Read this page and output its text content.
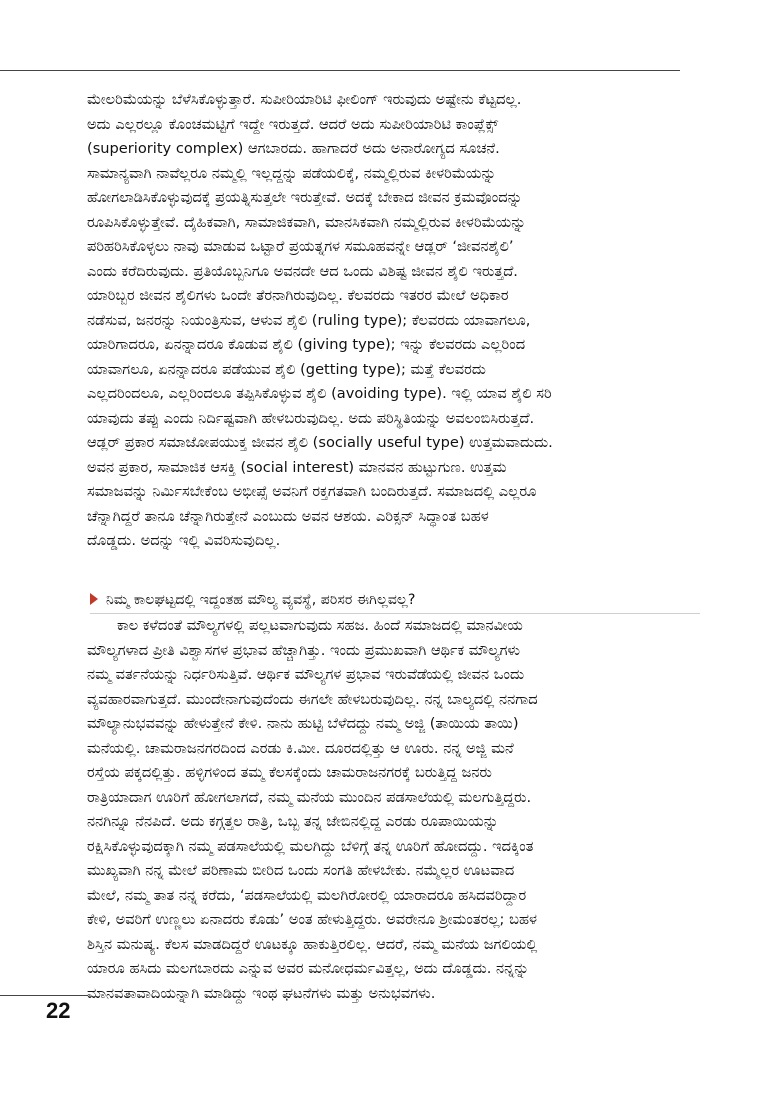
ಮೇಲರಿಮೆಯನ್ನು ಬೆಳೆಸಿಕೊಳ್ಳುತ್ತಾರೆ. ಸುಪೀರಿಯಾರಿಟಿ ಫೀಲಿಂಗ್ ಇರುವುದು ಅಷ್ಟೇನು ಕೆಟ್ಟದಲ್ಲ.
ಅದು ಎಲ್ಲರಲ್ಲೂ ಕೊಂಚಮಟ್ಟಿಗೆ ಇದ್ದೇ ಇರುತ್ತದೆ. ಆದರೆ ಅದು ಸುಪೀರಿಯಾರಿಟಿ ಕಾಂಪ್ಲೆಕ್ಸ್
(superiority complex) ಆಗಬಾರದು. ಹಾಗಾದರೆ ಅದು ಅನಾರೋಗ್ಯದ ಸೂಚನೆ.
ಸಾಮಾನ್ಯವಾಗಿ ನಾವೆಲ್ಲರೂ ನಮ್ಮಲ್ಲಿ ಇಲ್ಲದ್ದನ್ನು ಪಡೆಯಲಿಕ್ಕೆ, ನಮ್ಮಲ್ಲಿರುವ ಕೀಳರಿಮೆಯನ್ನು
ಹೋಗಲಾಡಿಸಿಕೊಳ್ಳುವುದಕ್ಕೆ ಪ್ರಯತ್ನಿಸುತ್ತಲೇ ಇರುತ್ತೇವೆ. ಅದಕ್ಕೆ ಬೇಕಾದ ಜೀವನ ಕ್ರಮವೊಂದನ್ನು
ರೂಪಿಸಿಕೊಳ್ಳುತ್ತೇವೆ. ದೈಹಿಕವಾಗಿ, ಸಾಮಾಜಿಕವಾಗಿ, ಮಾನಸಿಕವಾಗಿ ನಮ್ಮಲ್ಲಿರುವ ಕೀಳರಿಮೆಯನ್ನು
ಪರಿಹರಿಸಿಕೊಳ್ಳಲು ನಾವು ಮಾಡುವ ಒಟ್ಟಾರೆ ಪ್ರಯತ್ನಗಳ ಸಮೂಹವನ್ನೇ ಆಡ್ಲರ್ ‘ಜೀವನಶೈಲಿ’
ಎಂದು ಕರೆದಿರುವುದು. ಪ್ರತಿಯೊಬ್ಬನಿಗೂ ಅವನದೇ ಆದ ಒಂದು ವಿಶಿಷ್ಟ ಜೀವನ ಶೈಲಿ ಇರುತ್ತದೆ.
ಯಾರಿಬ್ಬರ ಜೀವನ ಶೈಲಿಗಳು ಒಂದೇ ತೆರನಾಗಿರುವುದಿಲ್ಲ. ಕೆಲವರದು ಇತರರ ಮೇಲೆ ಅಧಿಕಾರ
ನಡೆಸುವ, ಜನರನ್ನು ನಿಯಂತ್ರಿಸುವ, ಆಳುವ ಶೈಲಿ (ruling type); ಕೆಲವರದು ಯಾವಾಗಲೂ,
ಯಾರಿಗಾದರೂ, ಏನನ್ನಾದರೂ ಕೊಡುವ ಶೈಲಿ (giving type); ಇನ್ನು ಕೆಲವರದು ಎಲ್ಲರಿಂದ
ಯಾವಾಗಲೂ, ಏನನ್ನಾದರೂ ಪಡೆಯುವ ಶೈಲಿ (getting type); ಮತ್ತೆ ಕೆಲವರದು
ಎಲ್ಲದರಿಂದಲೂ, ಎಲ್ಲರಿಂದಲೂ ತಪ್ಪಿಸಿಕೊಳ್ಳುವ ಶೈಲಿ (avoiding type). ಇಲ್ಲಿ ಯಾವ ಶೈಲಿ ಸರಿ
ಯಾವುದು ತಪ್ಪು ಎಂದು ನಿರ್ದಿಷ್ಟವಾಗಿ ಹೇಳಬರುವುದಿಲ್ಲ. ಅದು ಪರಿಸ್ಥಿತಿಯನ್ನು ಅವಲಂಬಿಸಿರುತ್ತದೆ.
ಆಡ್ಲರ್ ಪ್ರಕಾರ ಸಮಾಜೋಪಯುಕ್ತ ಜೀವನ ಶೈಲಿ (socially useful type) ಉತ್ತಮವಾದುದು.
ಅವನ ಪ್ರಕಾರ, ಸಾಮಾಜಿಕ ಆಸಕ್ತಿ (social interest) ಮಾನವನ ಹುಟ್ಟುಗುಣ. ಉತ್ತಮ
ಸಮಾಜವನ್ನು ನಿರ್ಮಿಸಬೇಕೆಂಬ ಅಭೀಪ್ಸೆ ಅವನಿಗೆ ರಕ್ತಗತವಾಗಿ ಬಂದಿರುತ್ತದೆ. ಸಮಾಜದಲ್ಲಿ ಎಲ್ಲರೂ
ಚೆನ್ನಾಗಿದ್ದರೆ ತಾನೂ ಚೆನ್ನಾಗಿರುತ್ತೇನೆ ಎಂಬುದು ಅವನ ಆಶಯ. ಎರಿಕ್ಸನ್ ಸಿದ್ಧಾಂತ ಬಹಳ
ದೊಡ್ಡದು. ಅದನ್ನು ಇಲ್ಲಿ ವಿವರಿಸುವುದಿಲ್ಲ.
ನಿಮ್ಮ ಕಾಲಘಟ್ಟದಲ್ಲಿ ಇದ್ದಂತಹ ಮೌಲ್ಯ ವ್ಯವಸ್ಥೆ, ಪರಿಸರ ಈಗಿಲ್ಲವಲ್ಲ?
ಕಾಲ ಕಳೆದಂತೆ ಮೌಲ್ಯಗಳಲ್ಲಿ ಪಲ್ಲಟವಾಗುವುದು ಸಹಜ. ಹಿಂದೆ ಸಮಾಜದಲ್ಲಿ ಮಾನವೀಯ
ಮೌಲ್ಯಗಳಾದ ಪ್ರೀತಿ ವಿಶ್ವಾಸಗಳ ಪ್ರಭಾವ ಹೆಚ್ಚಾಗಿತ್ತು. ಇಂದು ಪ್ರಮುಖವಾಗಿ ಆರ್ಥಿಕ ಮೌಲ್ಯಗಳು
ನಮ್ಮ ವರ್ತನೆಯನ್ನು ನಿರ್ಧರಿಸುತ್ತಿವೆ. ಆರ್ಥಿಕ ಮೌಲ್ಯಗಳ ಪ್ರಭಾವ ಇರುವೆಡೆಯಲ್ಲಿ ಜೀವನ ಒಂದು
ವ್ಯವಹಾರವಾಗುತ್ತದೆ. ಮುಂದೇನಾಗುವುದೆಂದು ಈಗಲೇ ಹೇಳಬರುವುದಿಲ್ಲ. ನನ್ನ ಬಾಲ್ಯದಲ್ಲಿ ನನಗಾದ
ಮೌಲ್ಯಾನುಭವವನ್ನು ಹೇಳುತ್ತೇನೆ ಕೇಳಿ. ನಾನು ಹುಟ್ಟಿ ಬೆಳೆದದ್ದು ನಮ್ಮ ಅಜ್ಜಿ (ತಾಯಿಯ ತಾಯಿ)
ಮನೆಯಲ್ಲಿ. ಚಾಮರಾಜನಗರದಿಂದ ಎರಡು ಕಿ.ಮೀ. ದೂರದಲ್ಲಿತ್ತು ಆ ಊರು. ನನ್ನ ಅಜ್ಜಿ ಮನೆ
ರಸ್ತೆಯ ಪಕ್ಕದಲ್ಲಿತ್ತು. ಹಳ್ಳಿಗಳಿಂದ ತಮ್ಮ ಕೆಲಸಕ್ಕೆಂದು ಚಾಮರಾಜನಗರಕ್ಕೆ ಬರುತ್ತಿದ್ದ ಜನರು
ರಾತ್ರಿಯಾದಾಗ ಊರಿಗೆ ಹೋಗಲಾಗದೆ, ನಮ್ಮ ಮನೆಯ ಮುಂದಿನ ಪಡಸಾಲೆಯಲ್ಲಿ ಮಲಗುತ್ತಿದ್ದರು.
ನನಗಿನ್ನೂ ನೆನಪಿದೆ. ಅದು ಕಗ್ಗತ್ತಲ ರಾತ್ರಿ, ಒಬ್ಬ ತನ್ನ ಜೇಬಿನಲ್ಲಿದ್ದ ಎರಡು ರೂಪಾಯಿಯನ್ನು
ರಕ್ಷಿಸಿಕೊಳ್ಳುವುದಕ್ಕಾಗಿ ನಮ್ಮ ಪಡಸಾಲೆಯಲ್ಲಿ ಮಲಗಿದ್ದು ಬೆಳಿಗ್ಗೆ ತನ್ನ ಊರಿಗೆ ಹೋದದ್ದು. ಇದಕ್ಕಿಂತ
ಮುಖ್ಯವಾಗಿ ನನ್ನ ಮೇಲೆ ಪರಿಣಾಮ ಬೀರಿದ ಒಂದು ಸಂಗತಿ ಹೇಳಬೇಕು. ನಮ್ಮೆಲ್ಲರ ಊಟವಾದ
ಮೇಲೆ, ನಮ್ಮ ತಾತ ನನ್ನ ಕರೆದು, ‘ಪಡಸಾಲೆಯಲ್ಲಿ ಮಲಗಿರೋರಲ್ಲಿ ಯಾರಾದರೂ ಹಸಿದವರಿದ್ದಾರ
ಕೇಳಿ, ಅವರಿಗೆ ಉಣ್ಣಲು ಏನಾದರು ಕೊಡು’ ಅಂತ ಹೇಳುತ್ತಿದ್ದರು. ಅವರೇನೂ ಶ್ರೀಮಂತರಲ್ಲ; ಬಹಳ
ಶಿಸ್ತಿನ ಮನುಷ್ಯ. ಕೆಲಸ ಮಾಡದಿದ್ದರೆ ಊಟಕ್ಕೂ ಹಾಕುತ್ತಿರಲಿಲ್ಲ. ಆದರೆ, ನಮ್ಮ ಮನೆಯ ಜಗಲಿಯಲ್ಲಿ
ಯಾರೂ ಹಸಿದು ಮಲಗಬಾರದು ಎನ್ನುವ ಅವರ ಮನೋಧರ್ಮವಿತ್ತಲ್ಲ, ಅದು ದೊಡ್ಡದು. ನನ್ನನ್ನು
ಮಾನವತಾವಾದಿಯನ್ನಾಗಿ ಮಾಡಿದ್ದು ಇಂಥ ಘಟನೆಗಳು ಮತ್ತು ಅನುಭವಗಳು.
22
